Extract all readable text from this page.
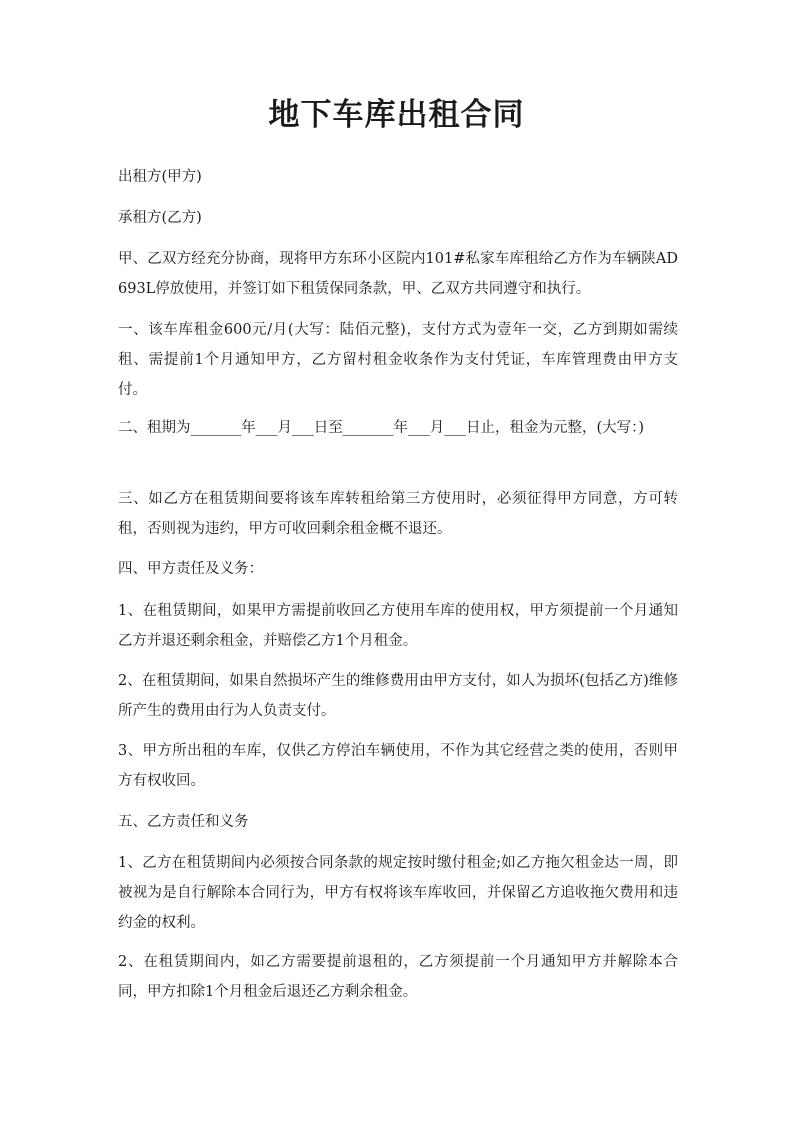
地下车库出租合同
出租方(甲方)
承租方(乙方)
甲、乙双方经充分协商，现将甲方东环小区院内101#私家车库租给乙方作为车辆陕AD693L停放使用，并签订如下租赁保同条款，甲、乙双方共同遵守和执行。
一、该车库租金600元/月(大写：陆佰元整)，支付方式为壹年一交，乙方到期如需续租、需提前1个月通知甲方，乙方留村租金收条作为支付凭证，车库管理费由甲方支付。
二、租期为_______年___月___日至_______年___月___日止，租金为元整，(大写：)
三、如乙方在租赁期间要将该车库转租给第三方使用时，必须征得甲方同意，方可转租，否则视为违约，甲方可收回剩余租金概不退还。
四、甲方责任及义务：
1、在租赁期间，如果甲方需提前收回乙方使用车库的使用权，甲方须提前一个月通知乙方并退还剩余租金，并赔偿乙方1个月租金。
2、在租赁期间，如果自然损坏产生的维修费用由甲方支付，如人为损坏(包括乙方)维修所产生的费用由行为人负责支付。
3、甲方所出租的车库，仅供乙方停泊车辆使用，不作为其它经营之类的使用，否则甲方有权收回。
五、乙方责任和义务
1、乙方在租赁期间内必须按合同条款的规定按时缴付租金;如乙方拖欠租金达一周，即被视为是自行解除本合同行为，甲方有权将该车库收回，并保留乙方追收拖欠费用和违约金的权利。
2、在租赁期间内，如乙方需要提前退租的，乙方须提前一个月通知甲方并解除本合同，甲方扣除1个月租金后退还乙方剩余租金。
